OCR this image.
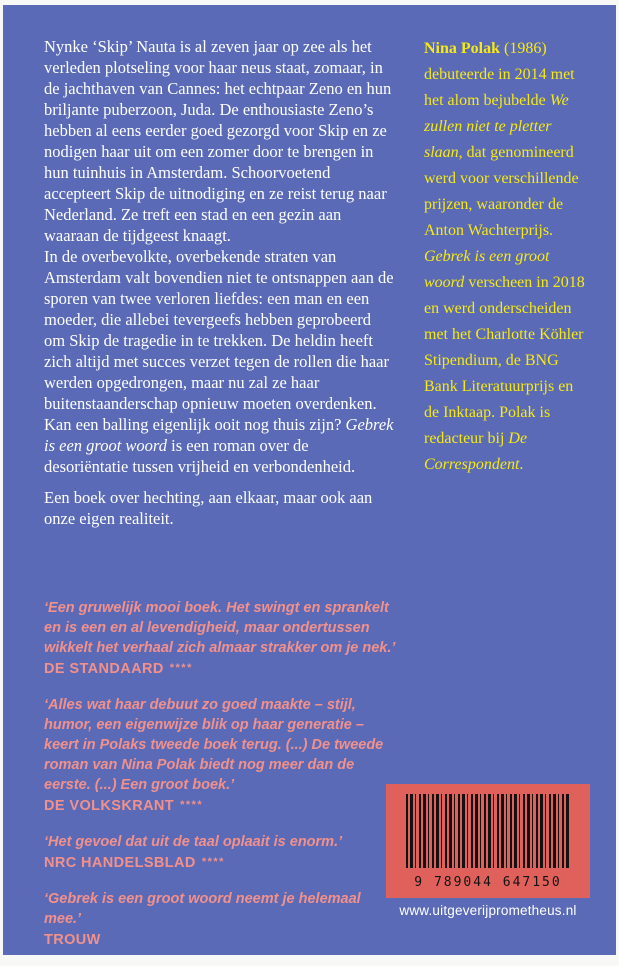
Nynke ‘Skip’ Nauta is al zeven jaar op zee als het verleden plotseling voor haar neus staat, zomaar, in de jachthaven van Cannes: het echtpaar Zeno en hun briljante puberzoon, Juda. De enthousiaste Zeno’s hebben al eens eerder goed gezorgd voor Skip en ze nodigen haar uit om een zomer door te brengen in hun tuinhuis in Amsterdam. Schoorvoetend accepteert Skip de uitnodiging en ze reist terug naar Nederland. Ze treft een stad en een gezin aan waaraan de tijdgeest knaagt.

In de overbevolkte, overbekende straten van Amsterdam valt bovendien niet te ontsnappen aan de sporen van twee verloren liefdes: een man en een moeder, die allebei tevergeefs hebben geprobeerd om Skip de tragedie in te trekken. De heldin heeft zich altijd met succes verzet tegen de rollen die haar werden opgedrongen, maar nu zal ze haar buitenstaanderschap opnieuw moeten overdenken. Kan een balling eigenlijk ooit nog thuis zijn? Gebrek is een groot woord is een roman over de desoriëntatie tussen vrijheid en verbondenheid.

Een boek over hechting, aan elkaar, maar ook aan onze eigen realiteit.

Nina Polak (1986) debuteerde in 2014 met het alom bejubelde We zullen niet te pletter slaan, dat genomineerd werd voor verschillende prijzen, waaronder de Anton Wachterprijs. Gebrek is een groot woord verscheen in 2018 en werd onderscheiden met het Charlotte Köhler Stipendium, de BNG Bank Literatuurprijs en de Inktaap. Polak is redacteur bij De Correspondent.
‘Een gruwelijk mooi boek. Het swingt en sprankelt en is een en al levendigheid, maar ondertussen wikkelt het verhaal zich almaar strakker om je nek.’
DE STANDAARD ****
‘Alles wat haar debuut zo goed maakte – stijl, humor, een eigenwijze blik op haar generatie – keert in Polaks tweede boek terug. (...) De tweede roman van Nina Polak biedt nog meer dan de eerste. (...) Een groot boek.’
DE VOLKSKRANT ****
‘Het gevoel dat uit de taal oplaait is enorm.’
NRC HANDELSBLAD ****
‘Gebrek is een groot woord neemt je helemaal mee.’
TROUW
9 789044 647150
www.uitgeverijprometheus.nl
